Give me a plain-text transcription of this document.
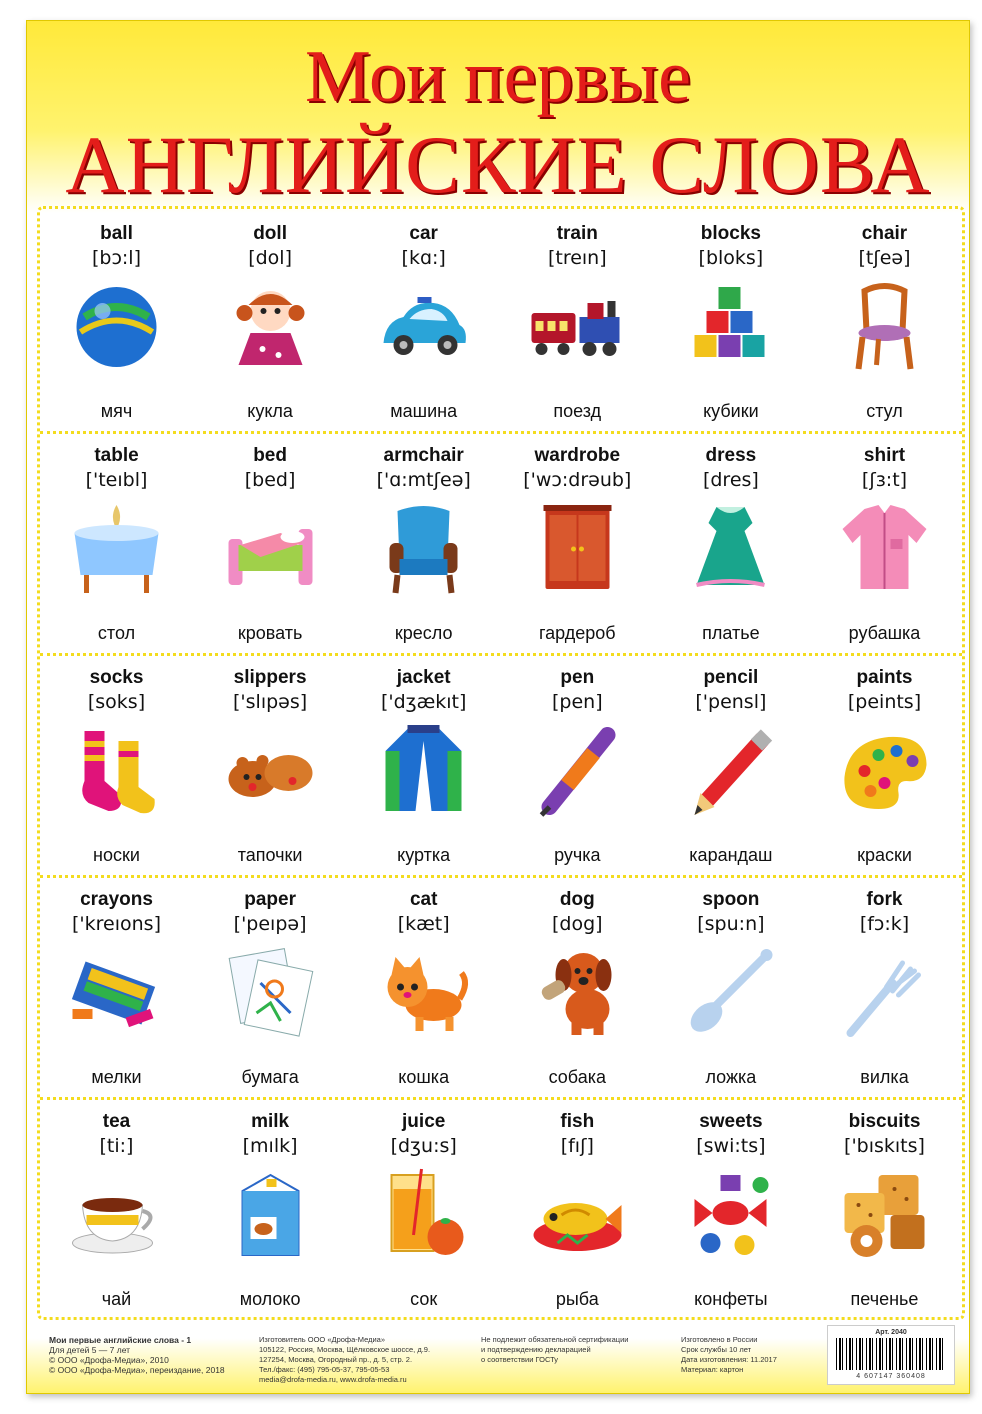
Мои первые
АНГЛИЙСКИЕ СЛОВА
ball
[bɔ:l]
мяч
doll
[dol]
кукла
car
[kɑ:]
машина
train
[treın]
поезд
blocks
[bloks]
кубики
chair
[tʃeə]
стул
table
['teıbl]
стол
bed
[bed]
кровать
armchair
['ɑ:mtʃeə]
кресло
wardrobe
['wɔ:drəub]
гардероб
dress
[dres]
платье
shirt
[ʃɜ:t]
рубашка
socks
[soks]
носки
slippers
['slıpəs]
тапочки
jacket
['dʒækıt]
куртка
pen
[pen]
ручка
pencil
['pensl]
карандаш
paints
[peints]
краски
crayons
['kreıons]
мелки
paper
['peıpə]
бумага
cat
[kæt]
кошка
dog
[dog]
собака
spoon
[spu:n]
ложка
fork
[fɔ:k]
вилка
tea
[ti:]
чай
milk
[mılk]
молоко
juice
[dʒu:s]
сок
fish
[fıʃ]
рыба
sweets
[swi:ts]
конфеты
biscuits
['bıskıts]
печенье
Мои первые английские слова - 1
Для детей 5 — 7 лет
© ООО «Дрофа-Медиа», 2010
© ООО «Дрофа-Медиа», переиздание, 2018
Изготовитель ООО «Дрофа-Медиа»
105122, Россия, Москва, Щёлковское шоссе, д.9.
127254, Москва, Огородный пр., д. 5, стр. 2.
Тел./факс: (495) 795-05-37, 795-05-53
media@drofa-media.ru, www.drofa-media.ru
Не подлежит обязательной сертификации
и подтверждению декларацией
о соответствии ГОСТу
Изготовлено в России
Срок службы 10 лет
Дата изготовления: 11.2017
Материал: картон
Арт. 2040
4 607147 360408
